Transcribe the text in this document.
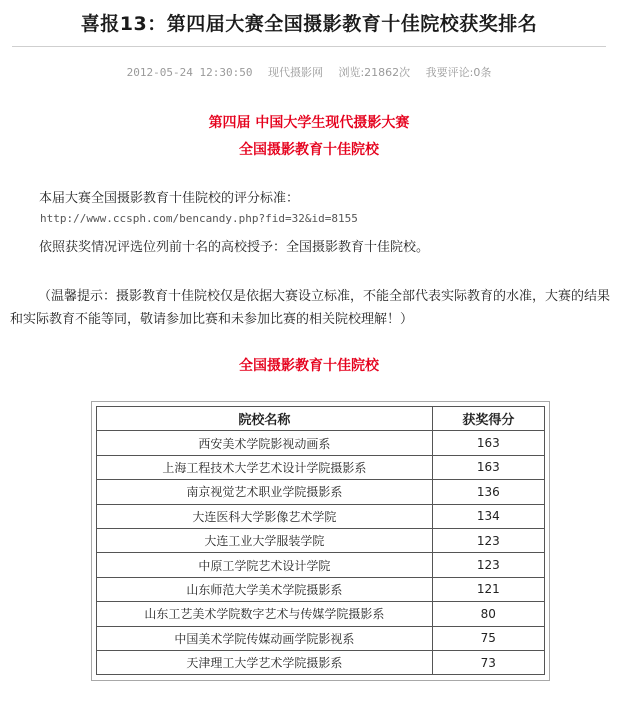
喜报13：第四届大赛全国摄影教育十佳院校获奖排名
2012-05-24 12:30:50 现代摄影网 浏览:21862次 我要评论:0条
第四届 中国大学生现代摄影大赛
全国摄影教育十佳院校
本届大赛全国摄影教育十佳院校的评分标准：
http://www.ccsph.com/bencandy.php?fid=32&id=8155
依照获奖情况评选位列前十名的高校授予：全国摄影教育十佳院校。
（温馨提示：摄影教育十佳院校仅是依据大赛设立标准，不能全部代表实际教育的水准，大赛的结果和实际教育不能等同，敬请参加比赛和未参加比赛的相关院校理解！）
全国摄影教育十佳院校
院校名称	获奖得分
西安美术学院影视动画系	163
上海工程技术大学艺术设计学院摄影系	163
南京视觉艺术职业学院摄影系	136
大连医科大学影像艺术学院	134
大连工业大学服装学院	123
中原工学院艺术设计学院	123
山东师范大学美术学院摄影系	121
山东工艺美术学院数字艺术与传媒学院摄影系	80
中国美术学院传媒动画学院影视系	75
天津理工大学艺术学院摄影系	73
